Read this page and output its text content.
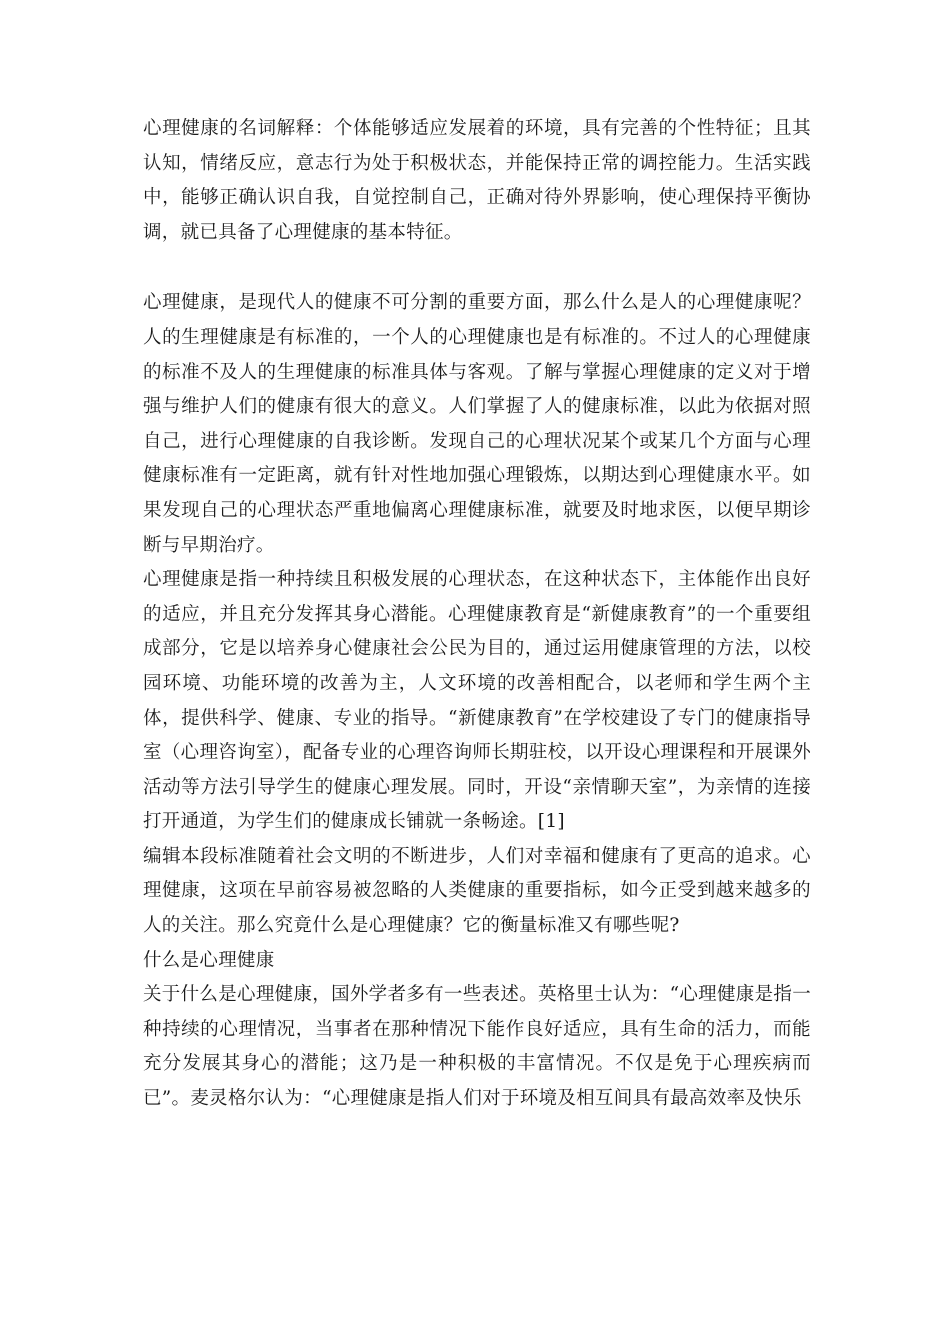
心理健康的名词解释：个体能够适应发展着的环境，具有完善的个性特征；且其认知，情绪反应，意志行为处于积极状态，并能保持正常的调控能力。生活实践中，能够正确认识自我，自觉控制自己，正确对待外界影响，使心理保持平衡协调，就已具备了心理健康的基本特征。

心理健康，是现代人的健康不可分割的重要方面，那么什么是人的心理健康呢？人的生理健康是有标准的，一个人的心理健康也是有标准的。不过人的心理健康的标准不及人的生理健康的标准具体与客观。了解与掌握心理健康的定义对于增强与维护人们的健康有很大的意义。人们掌握了人的健康标准，以此为依据对照自己，进行心理健康的自我诊断。发现自己的心理状况某个或某几个方面与心理健康标准有一定距离，就有针对性地加强心理锻炼，以期达到心理健康水平。如果发现自己的心理状态严重地偏离心理健康标准，就要及时地求医，以便早期诊断与早期治疗。

心理健康是指一种持续且积极发展的心理状态，在这种状态下，主体能作出良好的适应，并且充分发挥其身心潜能。心理健康教育是“新健康教育”的一个重要组成部分，它是以培养身心健康社会公民为目的，通过运用健康管理的方法，以校园环境、功能环境的改善为主，人文环境的改善相配合，以老师和学生两个主体，提供科学、健康、专业的指导。“新健康教育”在学校建设了专门的健康指导室（心理咨询室），配备专业的心理咨询师长期驻校，以开设心理课程和开展课外活动等方法引导学生的健康心理发展。同时，开设“亲情聊天室”，为亲情的连接打开通道，为学生们的健康成长铺就一条畅途。[1]

编辑本段标准随着社会文明的不断进步，人们对幸福和健康有了更高的追求。心理健康，这项在早前容易被忽略的人类健康的重要指标，如今正受到越来越多的人的关注。那么究竟什么是心理健康？它的衡量标准又有哪些呢?

什么是心理健康

关于什么是心理健康，国外学者多有一些表述。英格里士认为：“心理健康是指一种持续的心理情况，当事者在那种情况下能作良好适应，具有生命的活力，而能充分发展其身心的潜能；这乃是一种积极的丰富情况。不仅是免于心理疾病而已”。麦灵格尔认为：“心理健康是指人们对于环境及相互间具有最高效率及快乐
